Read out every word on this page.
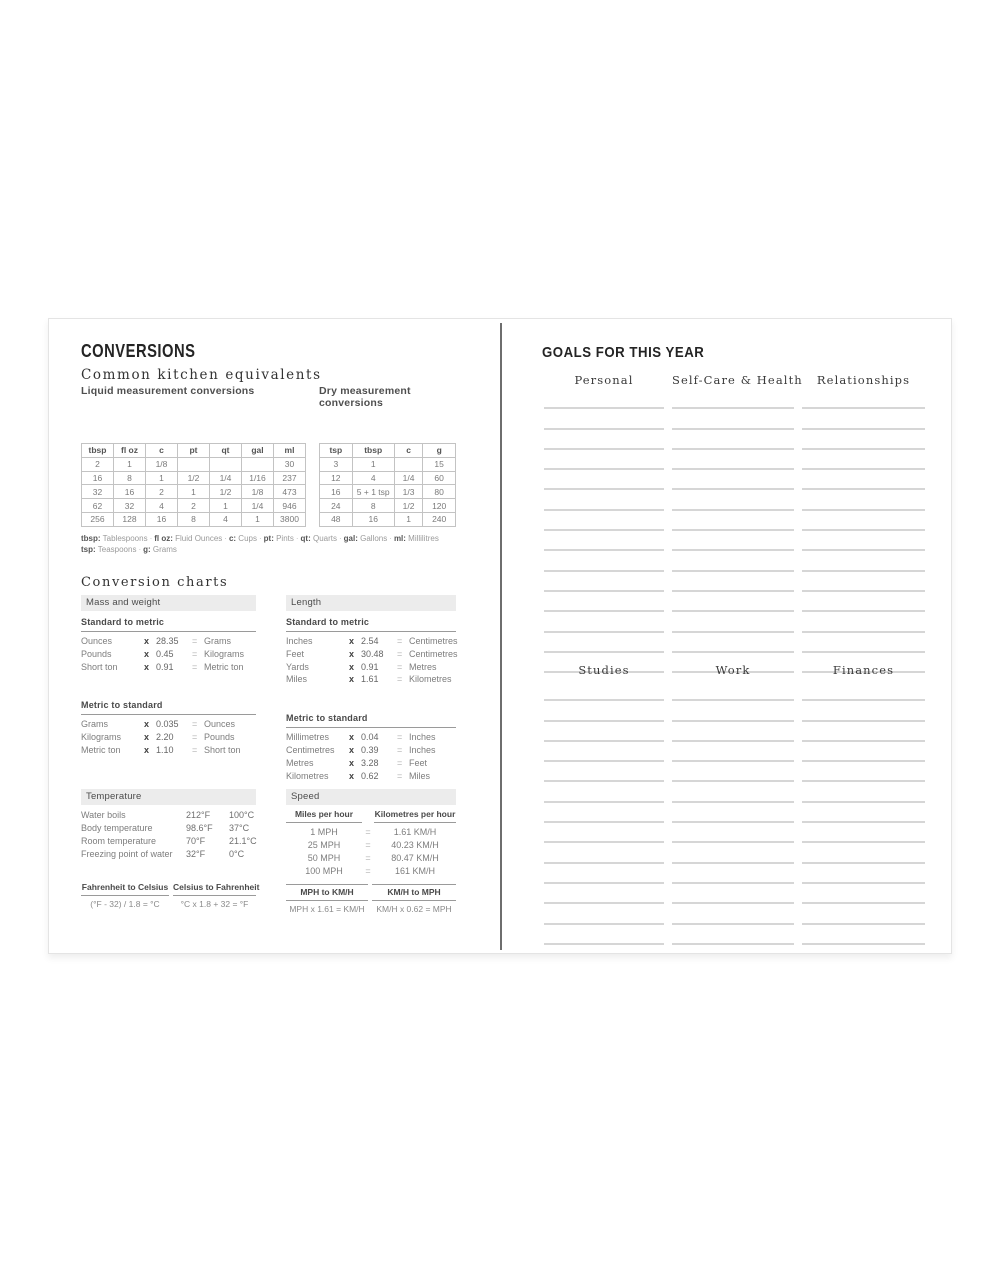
CONVERSIONS
Common kitchen equivalents

Liquid measurement conversions	Dry measurement conversions

tbsp	fl oz	c	pt	qt	gal	ml
2	1	1/8				30
16	8	1	1/2	1/4	1/16	237
32	16	2	1	1/2	1/8	473
62	32	4	2	1	1/4	946
256	128	16	8	4	1	3800
tsp	tbsp	c	g
3	1		15
12	4	1/4	60
16	5 + 1 tsp	1/3	80
24	8	1/2	120
48	16	1	240
tbsp: Tablespoons · fl oz: Fluid Ounces · c: Cups · pt: Pints · qt: Quarts · gal: Gallons · ml: Millilitres
tsp: Teaspoons · g: Grams
Conversion charts
Mass and weight
Standard to metric
Ounces	x 28.35	= Grams
Pounds	x 0.45	= Kilograms
Short ton	x 0.91	= Metric ton
Metric to standard
Grams	x 0.035	= Ounces
Kilograms	x 2.20	= Pounds
Metric ton	x 1.10	= Short ton
Length
Standard to metric
Inches	x 2.54	= Centimetres
Feet	x 30.48	= Centimetres
Yards	x 0.91	= Metres
Miles	x 1.61	= Kilometres
Metric to standard
Millimetres	x 0.04	= Inches
Centimetres	x 0.39	= Inches
Metres	x 3.28	= Feet
Kilometres	x 0.62	= Miles
Temperature
Water boils	212°F	100°C
Body temperature	98.6°F	37°C
Room temperature	70°F	21.1°C
Freezing point of water	32°F	0°C
Fahrenheit to Celsius
(°F - 32) / 1.8 = °C
Celsius to Fahrenheit
°C x 1.8 + 32 = °F
Speed
Miles per hour	Kilometres per hour
1 MPH	=	1.61 KM/H
25 MPH	=	40.23 KM/H
50 MPH	=	80.47 KM/H
100 MPH	=	161 KM/H
MPH to KM/H
MPH x 1.61 = KM/H
KM/H to MPH
KM/H x 0.62 = MPH
GOALS FOR THIS YEAR
Personal	Self-Care & Health	Relationships
Studies	Work	Finances
